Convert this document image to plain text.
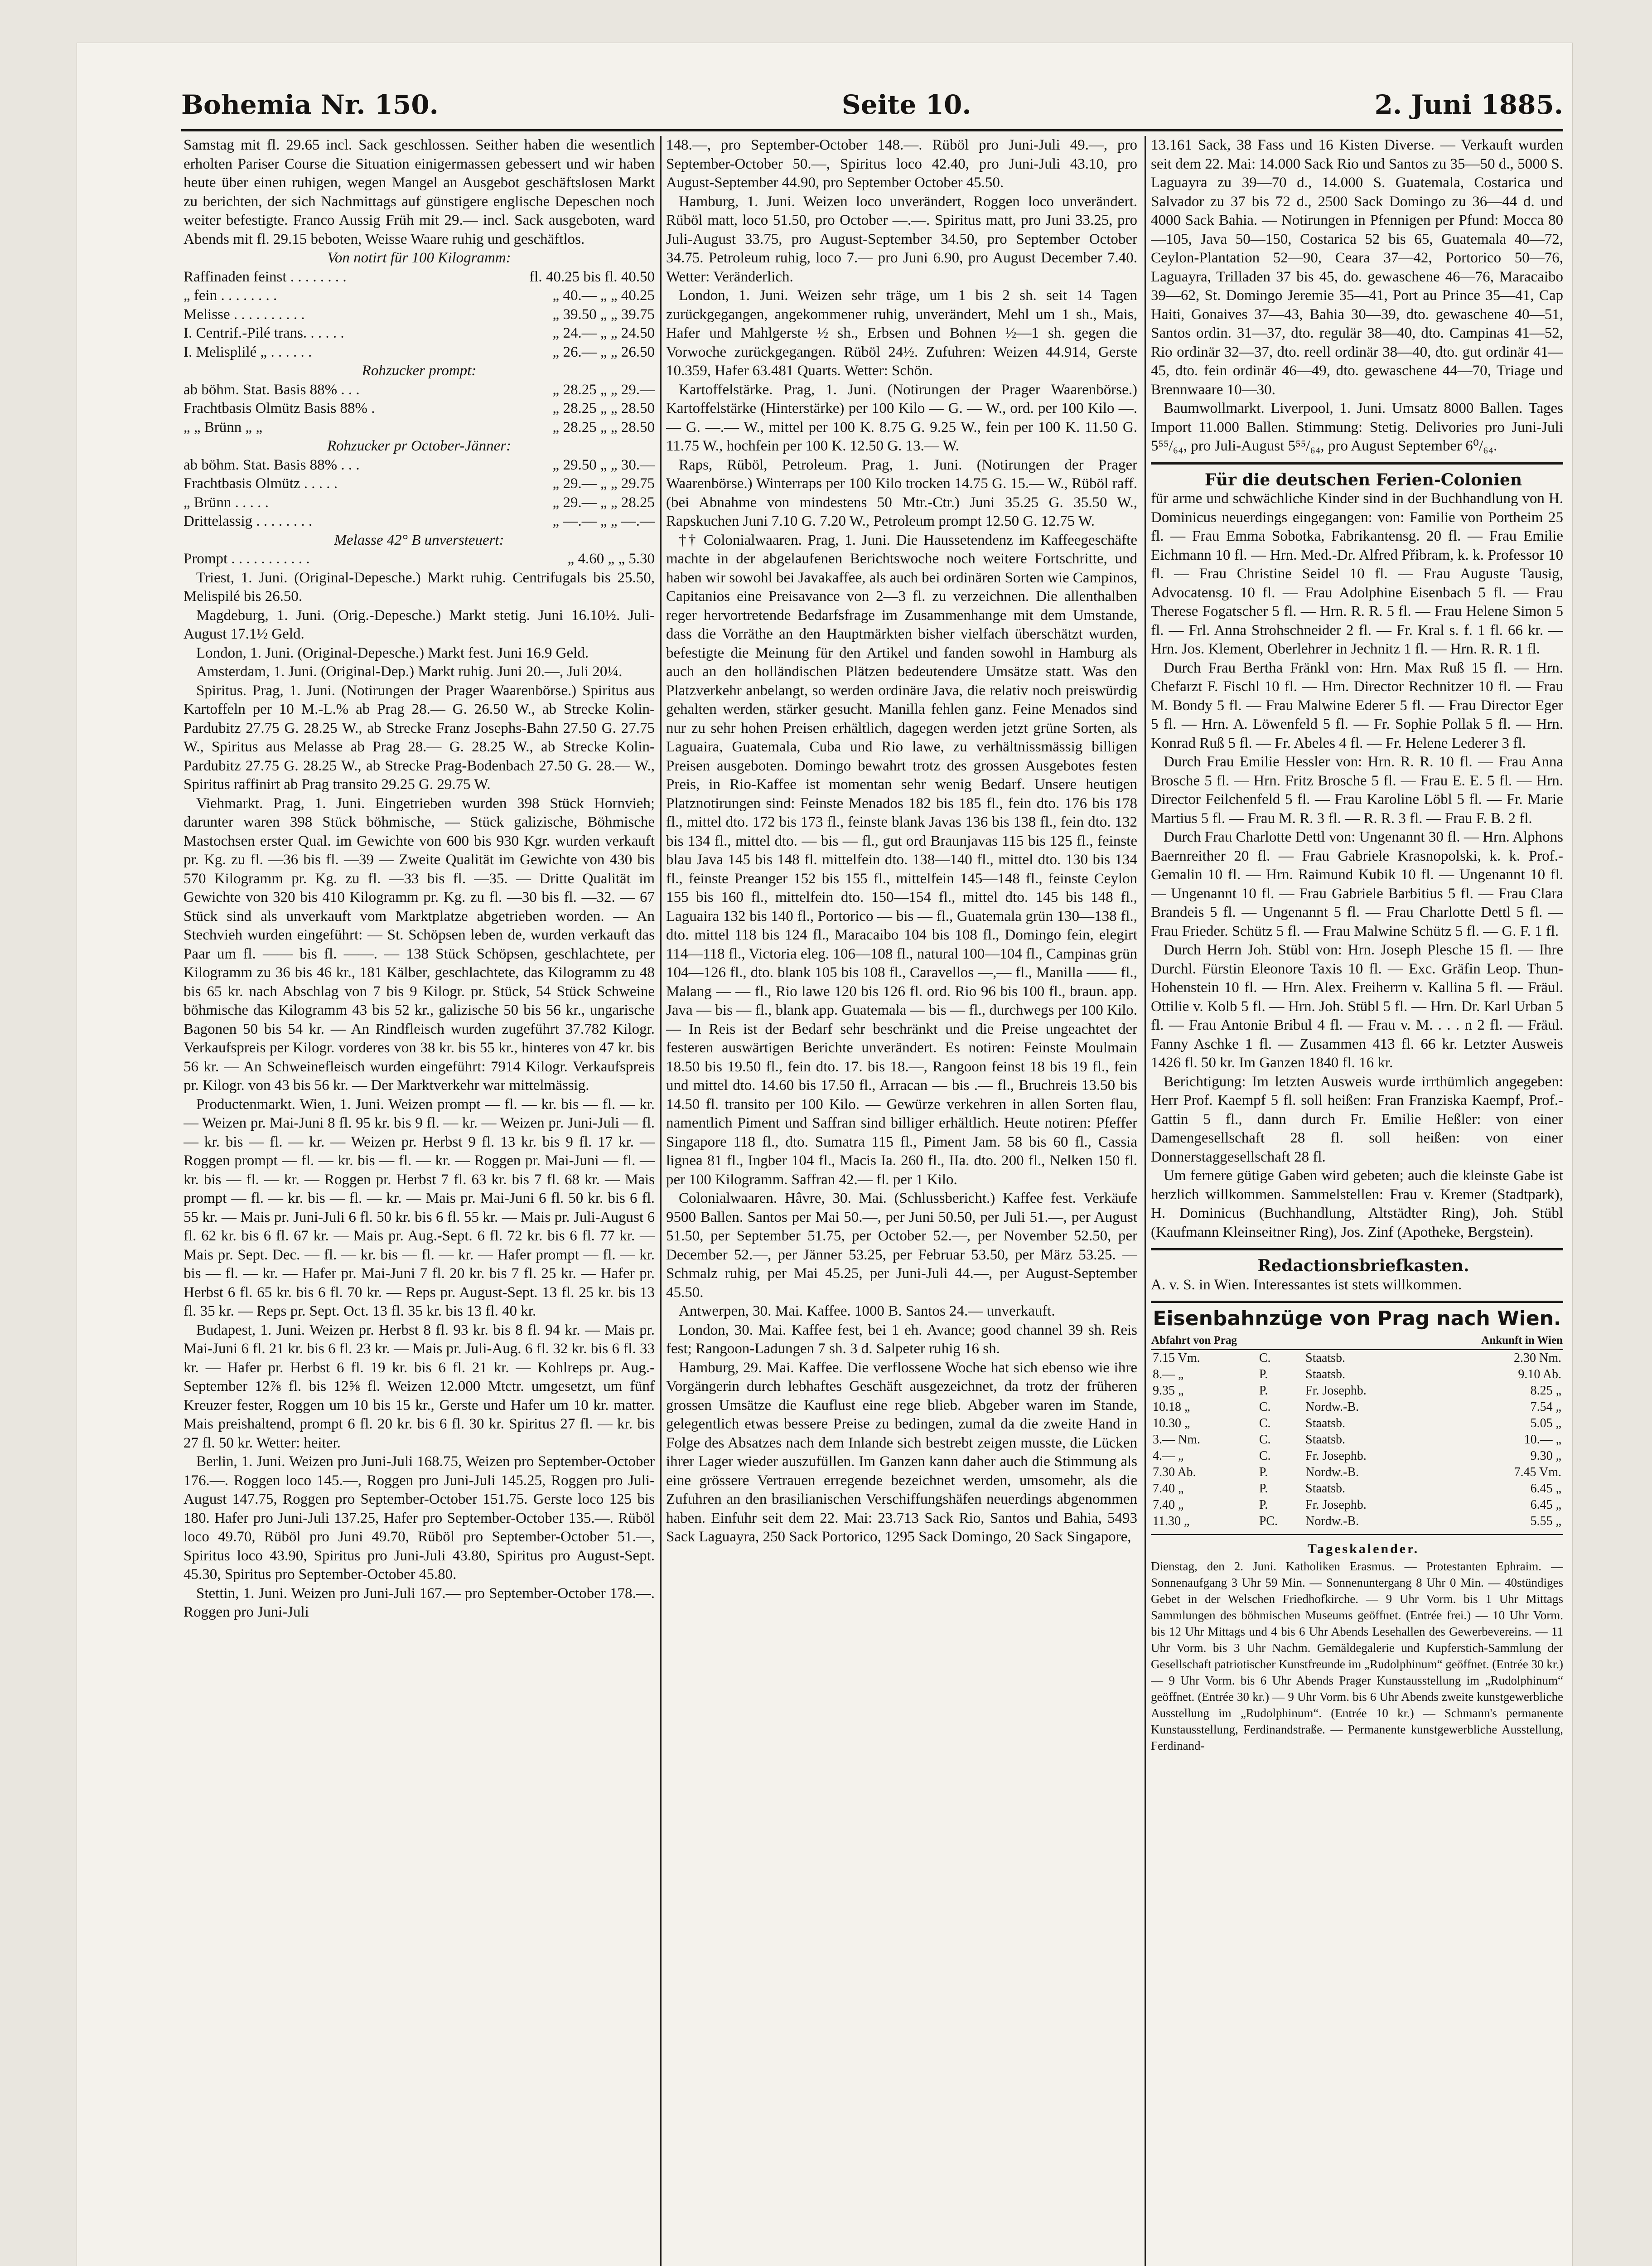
Bohemia Nr. 150.	Seite 10.	2. Juni 1885.

Samstag mit fl. 29.65 incl. Sack geschlossen. Seither haben die wesentlich erholten Pariser Course die Situation einigermassen gebessert und wir haben heute über einen ruhigen, wegen Mangel an Ausgebot geschäftslosen Markt zu berichten, der sich Nachmittags auf günstigere englische Depeschen noch weiter befestigte. Franco Aussig Früh mit 29.— incl. Sack ausgeboten, ward Abends mit fl. 29.15 beboten, Weisse Waare ruhig und geschäftlos.

Von notirt für 100 Kilogramm:

Raffinaden feinst . . . . . . . .	fl. 40.25 bis fl. 40.50
„ fein . . . . . . . .	„ 40.— „ „ 40.25
Melisse . . . . . . . . . .	„ 39.50 „ „ 39.75
I. Centrif.-Pilé trans. . . . . .	„ 24.— „ „ 24.50
I. Melisplilé „ . . . . . .	„ 26.— „ „ 26.50

Rohzucker prompt:

ab böhm. Stat. Basis 88% . . .	„ 28.25 „ „ 29.—
Frachtbasis Olmütz Basis 88% .	„ 28.25 „ „ 28.50
„ „ Brünn „ „	„ 28.25 „ „ 28.50

Rohzucker pr October-Jänner:

ab böhm. Stat. Basis 88% . . .	„ 29.50 „ „ 30.—
Frachtbasis Olmütz . . . . .	„ 29.— „ „ 29.75
„ Brünn . . . . .	„ 29.— „ „ 28.25
Drittelassig . . . . . . . .	„ —.— „ „ —.—

Melasse 42° B unversteuert:

Prompt . . . . . . . . . . .	„ 4.60 „ „ 5.30

Triest, 1. Juni. (Original-Depesche.) Markt ruhig. Centrifugals bis 25.50, Melispilé bis 26.50.

Magdeburg, 1. Juni. (Orig.-Depesche.) Markt stetig. Juni 16.10½. Juli-August 17.1½ Geld.

London, 1. Juni. (Original-Depesche.) Markt fest. Juni 16.9 Geld.

Amsterdam, 1. Juni. (Original-Dep.) Markt ruhig. Juni 20.—, Juli 20¼.

Spiritus. Prag, 1. Juni. (Notirungen der Prager Waarenbörse.) Spiritus aus Kartoffeln per 10 M.-L.% ab Prag 28.— G. 26.50 W., ab Strecke Kolin-Pardubitz 27.75 G. 28.25 W., ab Strecke Franz Josephs-Bahn 27.50 G. 27.75 W., Spiritus aus Melasse ab Prag 28.— G. 28.25 W., ab Strecke Kolin-Pardubitz 27.75 G. 28.25 W., ab Strecke Prag-Bodenbach 27.50 G. 28.— W., Spiritus raffinirt ab Prag transito 29.25 G. 29.75 W.

Viehmarkt. Prag, 1. Juni. Eingetrieben wurden 398 Stück Hornvieh; darunter waren 398 Stück böhmische, — Stück galizische, Böhmische Mastochsen erster Qual. im Gewichte von 600 bis 930 Kgr. wurden verkauft pr. Kg. zu fl. —36 bis fl. —39 — Zweite Qualität im Gewichte von 430 bis 570 Kilogramm pr. Kg. zu fl. —33 bis fl. —35. — Dritte Qualität im Gewichte von 320 bis 410 Kilogramm pr. Kg. zu fl. —30 bis fl. —32. — 67 Stück sind als unverkauft vom Marktplatze abgetrieben worden. — An Stechvieh wurden eingeführt: — St. Schöpsen leben de, wurden verkauft das Paar um fl. —— bis fl. ——. — 138 Stück Schöpsen, geschlachtete, per Kilogramm zu 36 bis 46 kr., 181 Kälber, geschlachtete, das Kilogramm zu 48 bis 65 kr. nach Abschlag von 7 bis 9 Kilogr. pr. Stück, 54 Stück Schweine böhmische das Kilogramm 43 bis 52 kr., galizische 50 bis 56 kr., ungarische Bagonen 50 bis 54 kr. — An Rindfleisch wurden zugeführt 37.782 Kilogr. Verkaufspreis per Kilogr. vorderes von 38 kr. bis 55 kr., hinteres von 47 kr. bis 56 kr. — An Schweinefleisch wurden eingeführt: 7914 Kilogr. Verkaufspreis pr. Kilogr. von 43 bis 56 kr. — Der Marktverkehr war mittelmässig.

Productenmarkt. Wien, 1. Juni. Weizen prompt — fl. — kr. bis — fl. — kr. — Weizen pr. Mai-Juni 8 fl. 95 kr. bis 9 fl. — kr. — Weizen pr. Juni-Juli — fl. — kr. bis — fl. — kr. — Weizen pr. Herbst 9 fl. 13 kr. bis 9 fl. 17 kr. — Roggen prompt — fl. — kr. bis — fl. — kr. — Roggen pr. Mai-Juni — fl. — kr. bis — fl. — kr. — Roggen pr. Herbst 7 fl. 63 kr. bis 7 fl. 68 kr. — Mais prompt — fl. — kr. bis — fl. — kr. — Mais pr. Mai-Juni 6 fl. 50 kr. bis 6 fl. 55 kr. — Mais pr. Juni-Juli 6 fl. 50 kr. bis 6 fl. 55 kr. — Mais pr. Juli-August 6 fl. 62 kr. bis 6 fl. 67 kr. — Mais pr. Aug.-Sept. 6 fl. 72 kr. bis 6 fl. 77 kr. — Mais pr. Sept. Dec. — fl. — kr. bis — fl. — kr. — Hafer prompt — fl. — kr. bis — fl. — kr. — Hafer pr. Mai-Juni 7 fl. 20 kr. bis 7 fl. 25 kr. — Hafer pr. Herbst 6 fl. 65 kr. bis 6 fl. 70 kr. — Reps pr. August-Sept. 13 fl. 25 kr. bis 13 fl. 35 kr. — Reps pr. Sept. Oct. 13 fl. 35 kr. bis 13 fl. 40 kr.

Budapest, 1. Juni. Weizen pr. Herbst 8 fl. 93 kr. bis 8 fl. 94 kr. — Mais pr. Mai-Juni 6 fl. 21 kr. bis 6 fl. 23 kr. — Mais pr. Juli-Aug. 6 fl. 32 kr. bis 6 fl. 33 kr. — Hafer pr. Herbst 6 fl. 19 kr. bis 6 fl. 21 kr. — Kohlreps pr. Aug.-September 12⅞ fl. bis 12⅝ fl. Weizen 12.000 Mtctr. umgesetzt, um fünf Kreuzer fester, Roggen um 10 bis 15 kr., Gerste und Hafer um 10 kr. matter. Mais preishaltend, prompt 6 fl. 20 kr. bis 6 fl. 30 kr. Spiritus 27 fl. — kr. bis 27 fl. 50 kr. Wetter: heiter.

Berlin, 1. Juni. Weizen pro Juni-Juli 168.75, Weizen pro September-October 176.—. Roggen loco 145.—, Roggen pro Juni-Juli 145.25, Roggen pro Juli-August 147.75, Roggen pro September-October 151.75. Gerste loco 125 bis 180. Hafer pro Juni-Juli 137.25, Hafer pro September-October 135.—. Rüböl loco 49.70, Rüböl pro Juni 49.70, Rüböl pro September-October 51.—, Spiritus loco 43.90, Spiritus pro Juni-Juli 43.80, Spiritus pro August-Sept. 45.30, Spiritus pro September-October 45.80.

Stettin, 1. Juni. Weizen pro Juni-Juli 167.— pro September-October 178.—. Roggen pro Juni-Juli

148.—, pro September-October 148.—. Rüböl pro Juni-Juli 49.—, pro September-October 50.—, Spiritus loco 42.40, pro Juni-Juli 43.10, pro August-September 44.90, pro September October 45.50.

Hamburg, 1. Juni. Weizen loco unverändert, Roggen loco unverändert. Rüböl matt, loco 51.50, pro October —.—. Spiritus matt, pro Juni 33.25, pro Juli-August 33.75, pro August-September 34.50, pro September October 34.75. Petroleum ruhig, loco 7.— pro Juni 6.90, pro August December 7.40. Wetter: Veränderlich.

London, 1. Juni. Weizen sehr träge, um 1 bis 2 sh. seit 14 Tagen zurückgegangen, angekommener ruhig, unverändert, Mehl um 1 sh., Mais, Hafer und Mahlgerste ½ sh., Erbsen und Bohnen ½—1 sh. gegen die Vorwoche zurückgegangen. Rüböl 24½. Zufuhren: Weizen 44.914, Gerste 10.359, Hafer 63.481 Quarts. Wetter: Schön.

Kartoffelstärke. Prag, 1. Juni. (Notirungen der Prager Waarenbörse.) Kartoffelstärke (Hinterstärke) per 100 Kilo — G. — W., ord. per 100 Kilo —.— G. —.— W., mittel per 100 K. 8.75 G. 9.25 W., fein per 100 K. 11.50 G. 11.75 W., hochfein per 100 K. 12.50 G. 13.— W.

Raps, Rüböl, Petroleum. Prag, 1. Juni. (Notirungen der Prager Waarenbörse.) Winterraps per 100 Kilo trocken 14.75 G. 15.— W., Rüböl raff. (bei Abnahme von mindestens 50 Mtr.-Ctr.) Juni 35.25 G. 35.50 W., Rapskuchen Juni 7.10 G. 7.20 W., Petroleum prompt 12.50 G. 12.75 W.

†† Colonialwaaren. Prag, 1. Juni. Die Haussetendenz im Kaffeegeschäfte machte in der abgelaufenen Berichtswoche noch weitere Fortschritte, und haben wir sowohl bei Javakaffee, als auch bei ordinären Sorten wie Campinos, Capitanios eine Preisavance von 2—3 fl. zu verzeichnen. Die allenthalben reger hervortretende Bedarfsfrage im Zusammenhange mit dem Umstande, dass die Vorräthe an den Hauptmärkten bisher vielfach überschätzt wurden, befestigte die Meinung für den Artikel und fanden sowohl in Hamburg als auch an den holländischen Plätzen bedeutendere Umsätze statt. Was den Platzverkehr anbelangt, so werden ordinäre Java, die relativ noch preiswürdig gehalten werden, stärker gesucht. Manilla fehlen ganz. Feine Menados sind nur zu sehr hohen Preisen erhältlich, dagegen werden jetzt grüne Sorten, als Laguaira, Guatemala, Cuba und Rio lawe, zu verhältnissmässig billigen Preisen ausgeboten. Domingo bewahrt trotz des grossen Ausgebotes festen Preis, in Rio-Kaffee ist momentan sehr wenig Bedarf. Unsere heutigen Platznotirungen sind: Feinste Menados 182 bis 185 fl., fein dto. 176 bis 178 fl., mittel dto. 172 bis 173 fl., feinste blank Javas 136 bis 138 fl., fein dto. 132 bis 134 fl., mittel dto. — bis — fl., gut ord Braunjavas 115 bis 125 fl., feinste blau Java 145 bis 148 fl. mittelfein dto. 138—140 fl., mittel dto. 130 bis 134 fl., feinste Preanger 152 bis 155 fl., mittelfein 145—148 fl., feinste Ceylon 155 bis 160 fl., mittelfein dto. 150—154 fl., mittel dto. 145 bis 148 fl., Laguaira 132 bis 140 fl., Portorico — bis — fl., Guatemala grün 130—138 fl., dto. mittel 118 bis 124 fl., Maracaibo 104 bis 108 fl., Domingo fein, elegirt 114—118 fl., Victoria eleg. 106—108 fl., natural 100—104 fl., Campinas grün 104—126 fl., dto. blank 105 bis 108 fl., Caravellos —,— fl., Manilla —— fl., Malang — — fl., Rio lawe 120 bis 126 fl. ord. Rio 96 bis 100 fl., braun. app. Java — bis — fl., blank app. Guatemala — bis — fl., durchwegs per 100 Kilo. — In Reis ist der Bedarf sehr beschränkt und die Preise ungeachtet der festeren auswärtigen Berichte unverändert. Es notiren: Feinste Moulmain 18.50 bis 19.50 fl., fein dto. 17. bis 18.—, Rangoon feinst 18 bis 19 fl., fein und mittel dto. 14.60 bis 17.50 fl., Arracan — bis .— fl., Bruchreis 13.50 bis 14.50 fl. transito per 100 Kilo. — Gewürze verkehren in allen Sorten flau, namentlich Piment und Saffran sind billiger erhältlich. Heute notiren: Pfeffer Singapore 118 fl., dto. Sumatra 115 fl., Piment Jam. 58 bis 60 fl., Cassia lignea 81 fl., Ingber 104 fl., Macis Ia. 260 fl., IIa. dto. 200 fl., Nelken 150 fl. per 100 Kilogramm. Saffran 42.— fl. per 1 Kilo.

Colonialwaaren. Hâvre, 30. Mai. (Schlussbericht.) Kaffee fest. Verkäufe 9500 Ballen. Santos per Mai 50.—, per Juni 50.50, per Juli 51.—, per August 51.50, per September 51.75, per October 52.—, per November 52.50, per December 52.—, per Jänner 53.25, per Februar 53.50, per März 53.25. — Schmalz ruhig, per Mai 45.25, per Juni-Juli 44.—, per August-September 45.50.

Antwerpen, 30. Mai. Kaffee. 1000 B. Santos 24.— unverkauft.

London, 30. Mai. Kaffee fest, bei 1 eh. Avance; good channel 39 sh. Reis fest; Rangoon-Ladungen 7 sh. 3 d. Salpeter ruhig 16 sh.

Hamburg, 29. Mai. Kaffee. Die verflossene Woche hat sich ebenso wie ihre Vorgängerin durch lebhaftes Geschäft ausgezeichnet, da trotz der früheren grossen Umsätze die Kauflust eine rege blieb. Abgeber waren im Stande, gelegentlich etwas bessere Preise zu bedingen, zumal da die zweite Hand in Folge des Absatzes nach dem Inlande sich bestrebt zeigen musste, die Lücken ihrer Lager wieder auszufüllen. Im Ganzen kann daher auch die Stimmung als eine grössere Vertrauen erregende bezeichnet werden, umsomehr, als die Zufuhren an den brasilianischen Verschiffungshäfen neuerdings abgenommen haben. Einfuhr seit dem 22. Mai: 23.713 Sack Rio, Santos und Bahia, 5493 Sack Laguayra, 250 Sack Portorico, 1295 Sack Domingo, 20 Sack Singapore,

13.161 Sack, 38 Fass und 16 Kisten Diverse. — Verkauft wurden seit dem 22. Mai: 14.000 Sack Rio und Santos zu 35—50 d., 5000 S. Laguayra zu 39—70 d., 14.000 S. Guatemala, Costarica und Salvador zu 37 bis 72 d., 2500 Sack Domingo zu 36—44 d. und 4000 Sack Bahia. — Notirungen in Pfennigen per Pfund: Mocca 80—105, Java 50—150, Costarica 52 bis 65, Guatemala 40—72, Ceylon-Plantation 52—90, Ceara 37—42, Portorico 50—76, Laguayra, Trilladen 37 bis 45, do. gewaschene 46—76, Maracaibo 39—62, St. Domingo Jeremie 35—41, Port au Prince 35—41, Cap Haiti, Gonaives 37—43, Bahia 30—39, dto. gewaschene 40—51, Santos ordin. 31—37, dto. regulär 38—40, dto. Campinas 41—52, Rio ordinär 32—37, dto. reell ordinär 38—40, dto. gut ordinär 41—45, dto. fein ordinär 46—49, dto. gewaschene 44—70, Triage und Brennwaare 10—30.

Baumwollmarkt. Liverpool, 1. Juni. Umsatz 8000 Ballen. Tages Import 11.000 Ballen. Stimmung: Stetig. Delivories pro Juni-Juli 5⁵⁵/₆₄, pro Juli-August 5⁵⁵/₆₄, pro August September 6⁰/₆₄.

Für die deutschen Ferien-Colonien

für arme und schwächliche Kinder sind in der Buchhandlung von H. Dominicus neuerdings eingegangen: von: Familie von Portheim 25 fl. — Frau Emma Sobotka, Fabrikantensg. 20 fl. — Frau Emilie Eichmann 10 fl. — Hrn. Med.-Dr. Alfred Přibram, k. k. Professor 10 fl. — Frau Christine Seidel 10 fl. — Frau Auguste Tausig, Advocatensg. 10 fl. — Frau Adolphine Eisenbach 5 fl. — Frau Therese Fogatscher 5 fl. — Hrn. R. R. 5 fl. — Frau Helene Simon 5 fl. — Frl. Anna Strohschneider 2 fl. — Fr. Kral s. f. 1 fl. 66 kr. — Hrn. Jos. Klement, Oberlehrer in Jechnitz 1 fl. — Hrn. R. R. 1 fl.

Durch Frau Bertha Fränkl von: Hrn. Max Ruß 15 fl. — Hrn. Chefarzt F. Fischl 10 fl. — Hrn. Director Rechnitzer 10 fl. — Frau M. Bondy 5 fl. — Frau Malwine Ederer 5 fl. — Frau Director Eger 5 fl. — Hrn. A. Löwenfeld 5 fl. — Fr. Sophie Pollak 5 fl. — Hrn. Konrad Ruß 5 fl. — Fr. Abeles 4 fl. — Fr. Helene Lederer 3 fl.

Durch Frau Emilie Hessler von: Hrn. R. R. 10 fl. — Frau Anna Brosche 5 fl. — Hrn. Fritz Brosche 5 fl. — Frau E. E. 5 fl. — Hrn. Director Feilchenfeld 5 fl. — Frau Karoline Löbl 5 fl. — Fr. Marie Martius 5 fl. — Frau M. R. 3 fl. — R. R. 3 fl. — Frau F. B. 2 fl.

Durch Frau Charlotte Dettl von: Ungenannt 30 fl. — Hrn. Alphons Baernreither 20 fl. — Frau Gabriele Krasnopolski, k. k. Prof.-Gemalin 10 fl. — Hrn. Raimund Kubik 10 fl. — Ungenannt 10 fl. — Ungenannt 10 fl. — Frau Gabriele Barbitius 5 fl. — Frau Clara Brandeis 5 fl. — Ungenannt 5 fl. — Frau Charlotte Dettl 5 fl. — Frau Frieder. Schütz 5 fl. — Frau Malwine Schütz 5 fl. — G. F. 1 fl.

Durch Herrn Joh. Stübl von: Hrn. Joseph Plesche 15 fl. — Ihre Durchl. Fürstin Eleonore Taxis 10 fl. — Exc. Gräfin Leop. Thun-Hohenstein 10 fl. — Hrn. Alex. Freiherrn v. Kallina 5 fl. — Fräul. Ottilie v. Kolb 5 fl. — Hrn. Joh. Stübl 5 fl. — Hrn. Dr. Karl Urban 5 fl. — Frau Antonie Bribul 4 fl. — Frau v. M. . . . n 2 fl. — Fräul. Fanny Aschke 1 fl. — Zusammen 413 fl. 66 kr. Letzter Ausweis 1426 fl. 50 kr. Im Ganzen 1840 fl. 16 kr.

Berichtigung: Im letzten Ausweis wurde irrthümlich angegeben: Herr Prof. Kaempf 5 fl. soll heißen: Fran Franziska Kaempf, Prof.-Gattin 5 fl., dann durch Fr. Emilie Heßler: von einer Damengesellschaft 28 fl. soll heißen: von einer Donnerstaggesellschaft 28 fl.

Um fernere gütige Gaben wird gebeten; auch die kleinste Gabe ist herzlich willkommen. Sammelstellen: Frau v. Kremer (Stadtpark), H. Dominicus (Buchhandlung, Altstädter Ring), Joh. Stübl (Kaufmann Kleinseitner Ring), Jos. Zinf (Apotheke, Bergstein).

Redactionsbriefkasten.

A. v. S. in Wien. Interessantes ist stets willkommen.

Eisenbahnzüge von Prag nach Wien.
Abfahrt von Prag			Ankunft in Wien
7.15 Vm.	C.	Staatsb.	2.30 Nm.
8.— „	P.	Staatsb.	9.10 Ab.
9.35 „	P.	Fr. Josephb.	8.25 „
10.18 „	C.	Nordw.-B.	7.54 „
10.30 „	C.	Staatsb.	5.05 „
3.— Nm.	C.	Staatsb.	10.— „
4.— „	C.	Fr. Josephb.	9.30 „
7.30 Ab.	P.	Nordw.-B.	7.45 Vm.
7.40 „	P.	Staatsb.	6.45 „
7.40 „	P.	Fr. Josephb.	6.45 „
11.30 „	PC.	Nordw.-B.	5.55 „

Tageskalender.

Dienstag, den 2. Juni. Katholiken Erasmus. — Protestanten Ephraim. — Sonnenaufgang 3 Uhr 59 Min. — Sonnenuntergang 8 Uhr 0 Min. — 40stündiges Gebet in der Welschen Friedhofkirche. — 9 Uhr Vorm. bis 1 Uhr Mittags Sammlungen des böhmischen Museums geöffnet. (Entrée frei.) — 10 Uhr Vorm. bis 12 Uhr Mittags und 4 bis 6 Uhr Abends Lesehallen des Gewerbevereins. — 11 Uhr Vorm. bis 3 Uhr Nachm. Gemäldegalerie und Kupferstich-Sammlung der Gesellschaft patriotischer Kunstfreunde im „Rudolphinum“ geöffnet. (Entrée 30 kr.) — 9 Uhr Vorm. bis 6 Uhr Abends Prager Kunstausstellung im „Rudolphinum“ geöffnet. (Entrée 30 kr.) — 9 Uhr Vorm. bis 6 Uhr Abends zweite kunstgewerbliche Ausstellung im „Rudolphinum“. (Entrée 10 kr.) — Schmann's permanente Kunstausstellung, Ferdinandstraße. — Permanente kunstgewerbliche Ausstellung, Ferdinand-
